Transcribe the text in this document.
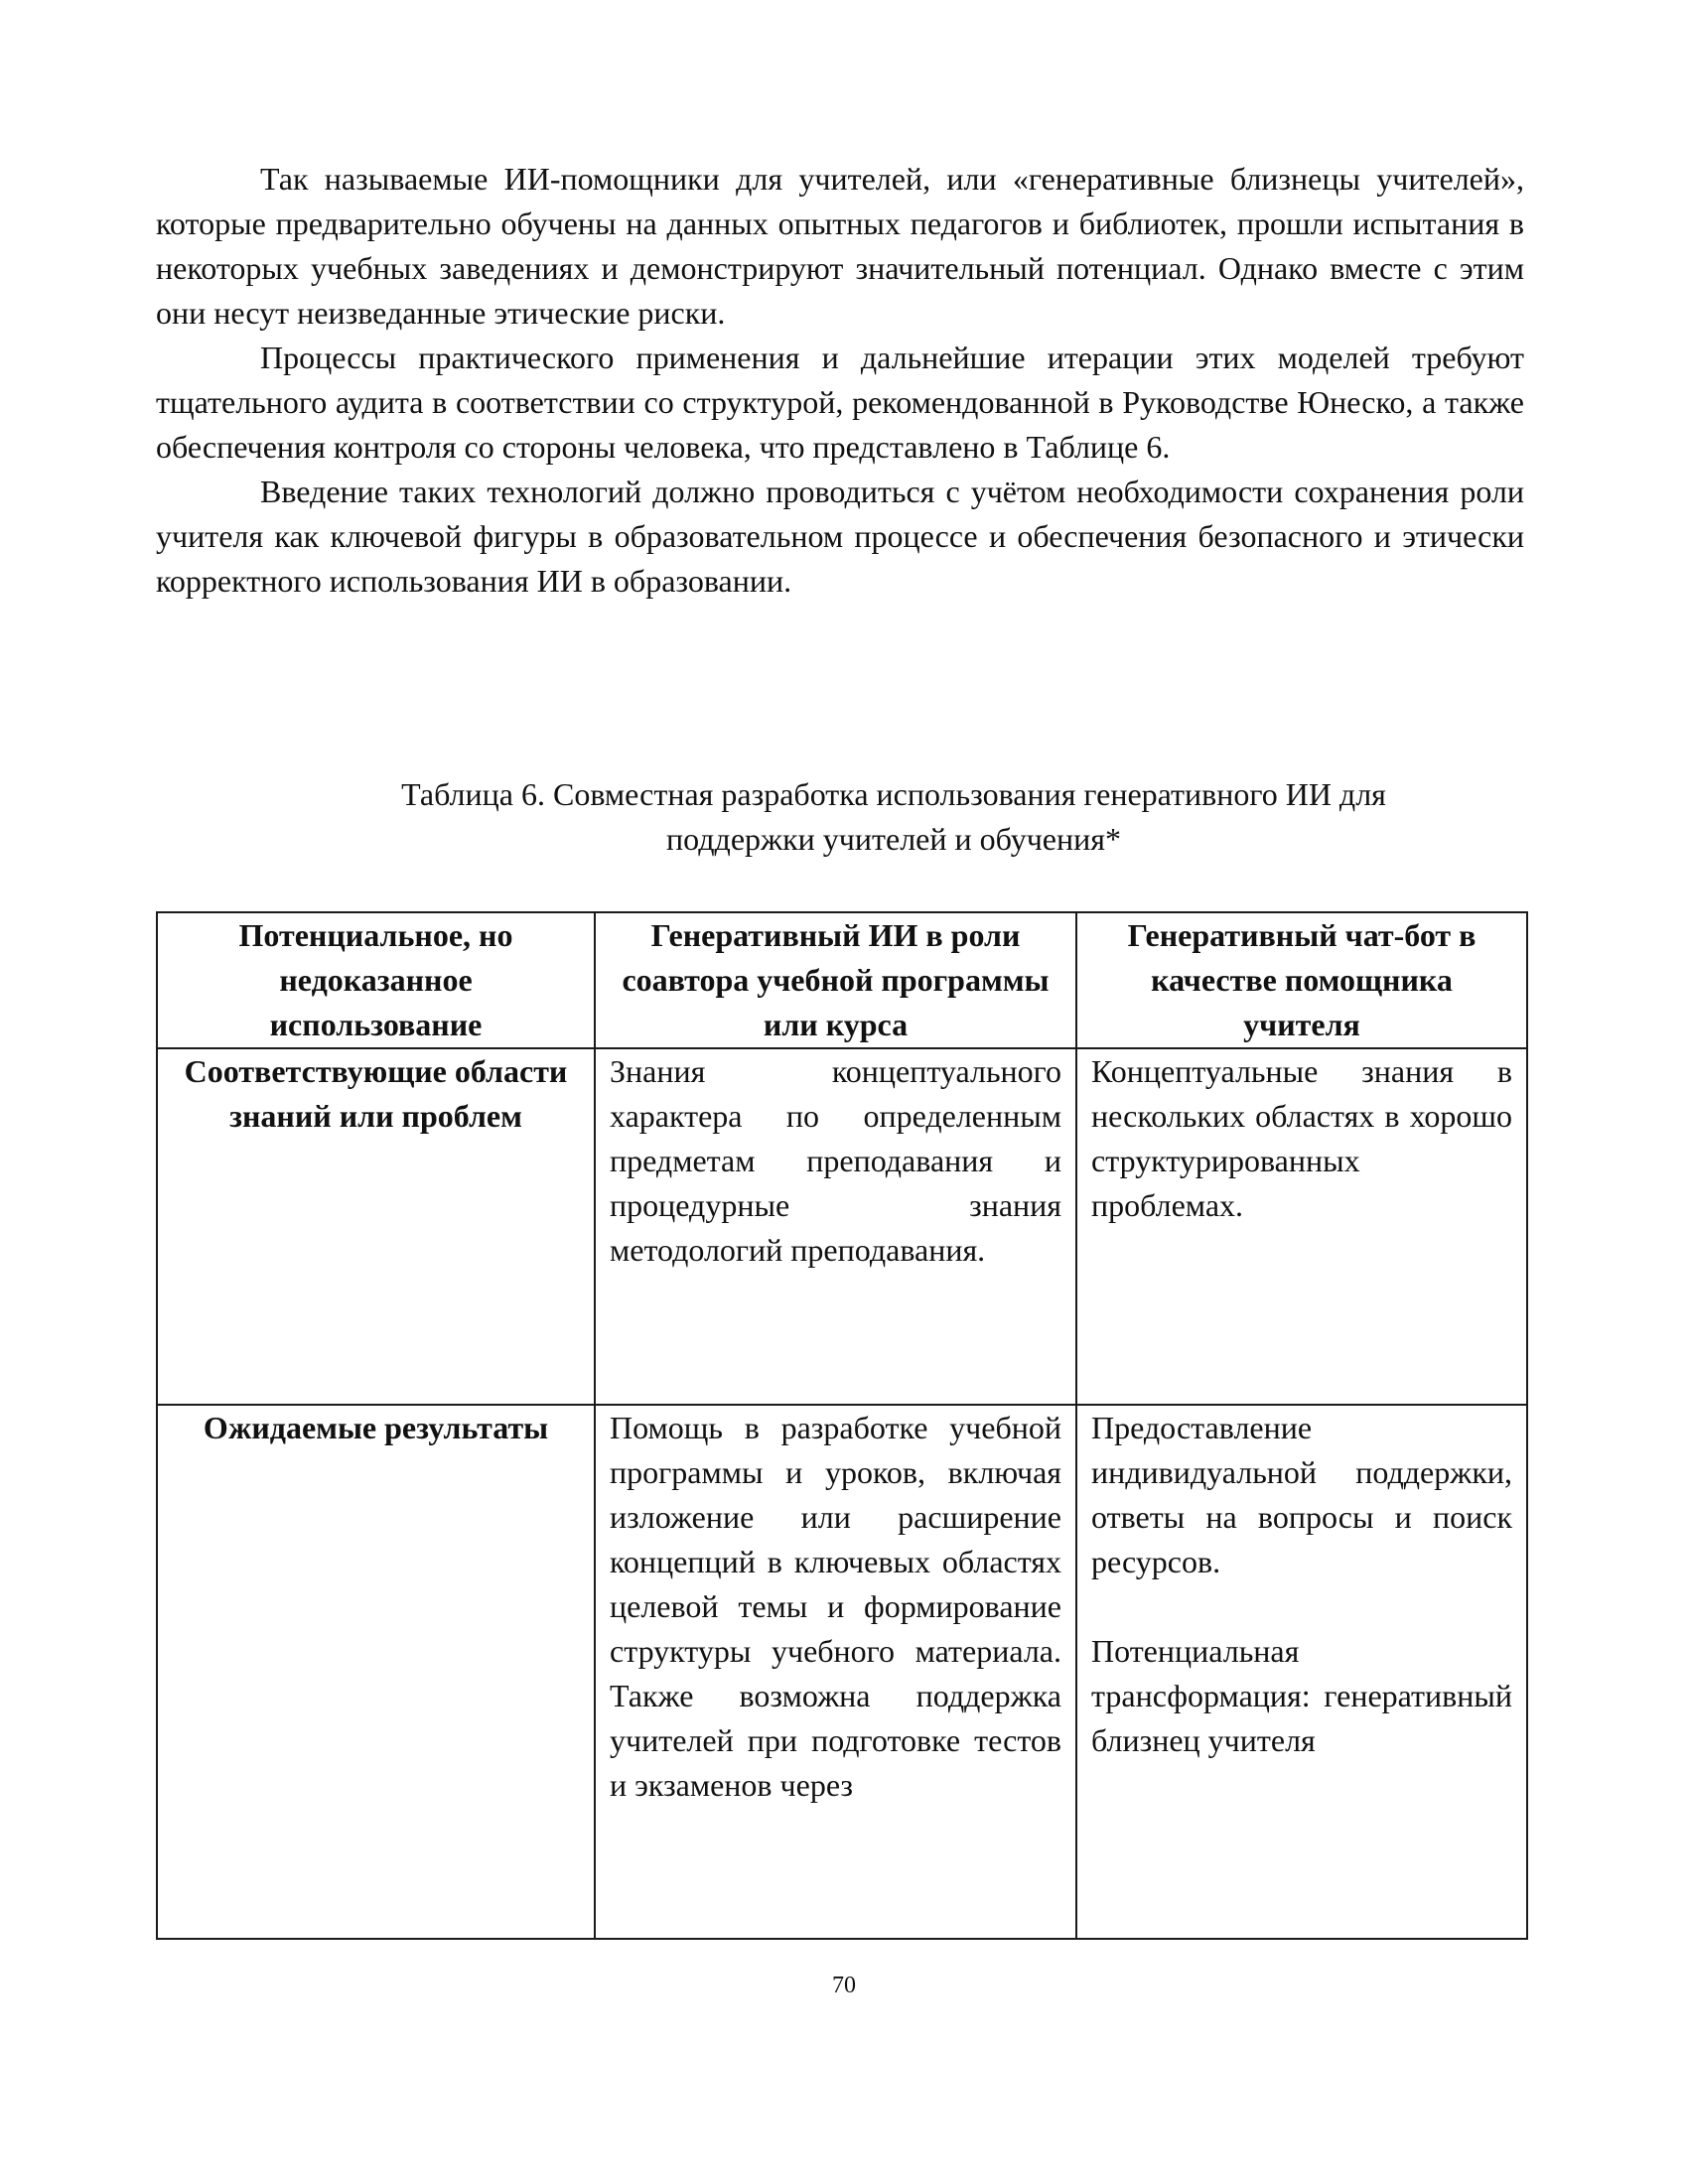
Так называемые ИИ-помощники для учителей, или «генеративные близнецы учителей», которые предварительно обучены на данных опытных педагогов и библиотек, прошли испытания в некоторых учебных заведениях и демонстрируют значительный потенциал. Однако вместе с этим они несут неизведанные этические риски.

Процессы практического применения и дальнейшие итерации этих моделей требуют тщательного аудита в соответствии со структурой, рекомендованной в Руководстве Юнеско, а также обеспечения контроля со стороны человека, что представлено в Таблице 6.

Введение таких технологий должно проводиться с учётом необходимости сохранения роли учителя как ключевой фигуры в образовательном процессе и обеспечения безопасного и этически корректного использования ИИ в образовании.

Таблица 6. Совместная разработка использования генеративного ИИ для
поддержки учителей и обучения*
Потенциальное, но недоказанное использование	Генеративный ИИ в роли соавтора учебной программы или курса	Генеративный чат-бот в качестве помощника учителя
Соответствующие области знаний или проблем	Знания концептуального характера по определенным предметам преподавания и процедурные знания методологий преподавания.	Концептуальные знания в нескольких областях в хорошо структурированных проблемах.
Ожидаемые результаты	Помощь в разработке учебной программы и уроков, включая изложение или расширение концепций в ключевых областях целевой темы и формирование структуры учебного материала. Также возможна поддержка учителей при подготовке тестов и экзаменов через	Предоставление индивидуальной поддержки, ответы на вопросы и поиск ресурсов.
Потенциальная трансформация: генеративный близнец учителя
70
